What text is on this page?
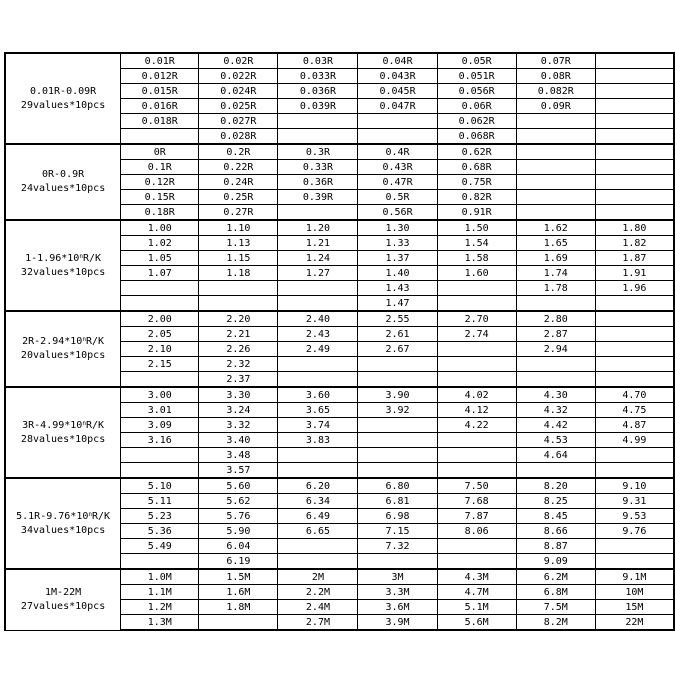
0.01R-0.09R
29values*10pcs	0.01R	0.02R	0.03R	0.04R	0.05R	0.07R	
	0.012R	0.022R	0.033R	0.043R	0.051R	0.08R	
	0.015R	0.024R	0.036R	0.045R	0.056R	0.082R	
	0.016R	0.025R	0.039R	0.047R	0.06R	0.09R	
	0.018R	0.027R			0.062R		
		0.028R			0.068R		

0R-0.9R
24values*10pcs	0R	0.2R	0.3R	0.4R	0.62R		
	0.1R	0.22R	0.33R	0.43R	0.68R		
	0.12R	0.24R	0.36R	0.47R	0.75R		
	0.15R	0.25R	0.39R	0.5R	0.82R		
	0.18R	0.27R		0.56R	0.91R		

1-1.96*10$^n$R/K
32values*10pcs	1.00	1.10	1.20	1.30	1.50	1.62	1.80
	1.02	1.13	1.21	1.33	1.54	1.65	1.82
	1.05	1.15	1.24	1.37	1.58	1.69	1.87
	1.07	1.18	1.27	1.40	1.60	1.74	1.91
				1.43		1.78	1.96
				1.47			

2R-2.94*10$^n$R/K
20values*10pcs	2.00	2.20	2.40	2.55	2.70	2.80	
	2.05	2.21	2.43	2.61	2.74	2.87	
	2.10	2.26	2.49	2.67		2.94	
	2.15	2.32					
		2.37					

3R-4.99*10$^n$R/K
28values*10pcs	3.00	3.30	3.60	3.90	4.02	4.30	4.70
	3.01	3.24	3.65	3.92	4.12	4.32	4.75
	3.09	3.32	3.74		4.22	4.42	4.87
	3.16	3.40	3.83			4.53	4.99
		3.48				4.64	
		3.57					

5.1R-9.76*10$^n$R/K
34values*10pcs	5.10	5.60	6.20	6.80	7.50	8.20	9.10
	5.11	5.62	6.34	6.81	7.68	8.25	9.31
	5.23	5.76	6.49	6.98	7.87	8.45	9.53
	5.36	5.90	6.65	7.15	8.06	8.66	9.76
	5.49	6.04		7.32		8.87	
		6.19				9.09	

1M-22M
27values*10pcs	1.0M	1.5M	2M	3M	4.3M	6.2M	9.1M
	1.1M	1.6M	2.2M	3.3M	4.7M	6.8M	10M
	1.2M	1.8M	2.4M	3.6M	5.1M	7.5M	15M
	1.3M		2.7M	3.9M	5.6M	8.2M	22M
